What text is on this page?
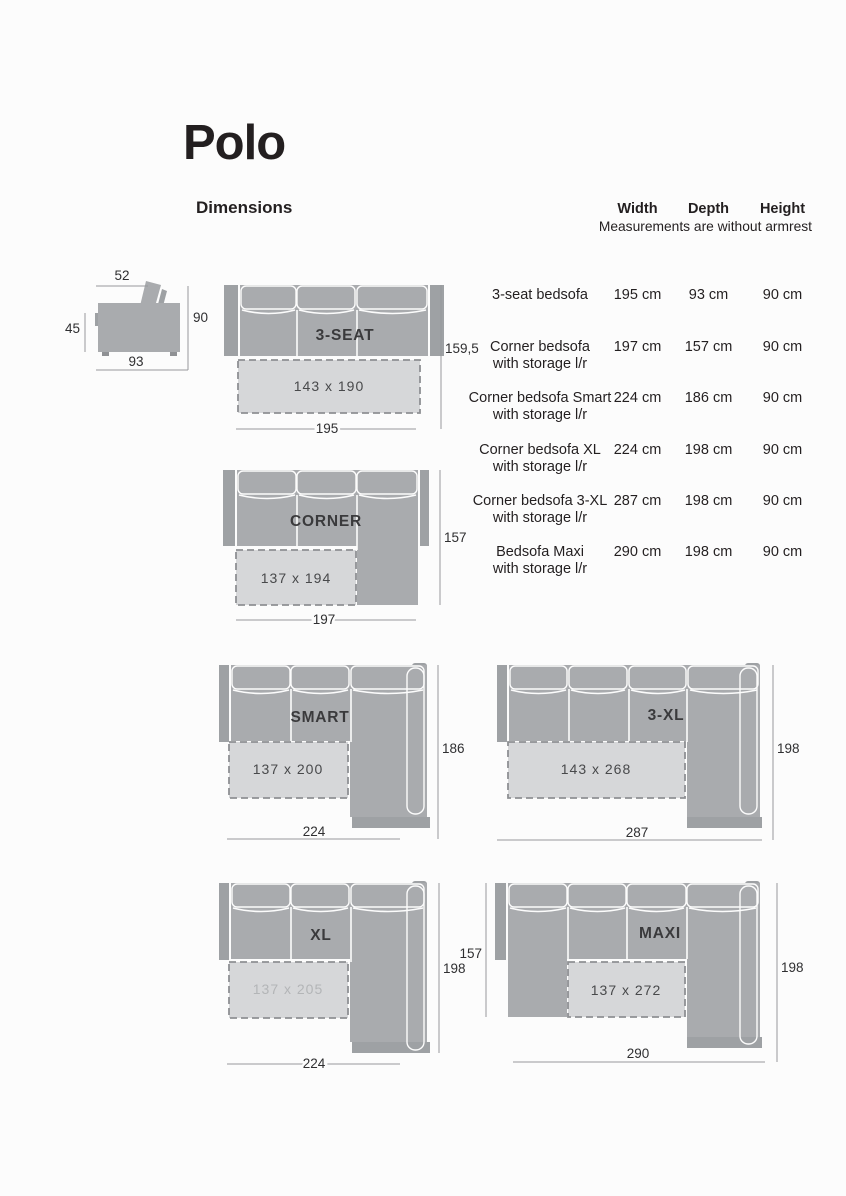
Polo
Dimensions	Width	Depth	Height
Measurements are without armrest
3-seat bedsofa	195 cm	93 cm	90 cm
Corner bedsofa
with storage l/r
197 cm	157 cm	90 cm
Corner bedsofa Smart
with storage l/r
224 cm	186 cm	90 cm
Corner bedsofa XL
with storage l/r
224 cm	198 cm	90 cm
Corner bedsofa 3-XL
with storage l/r
287 cm	198 cm	90 cm
Bedsofa Maxi
with storage l/r
290 cm	198 cm	90 cm
52
90
45
93
3-SEAT
143 x 190
195
159,5
CORNER
137 x 194
197
157
SMART
137 x 200
224
186
3-XL
143 x 268
287
198
XL
137 x 205
224
198
157
MAXI
137 x 272
290
198
